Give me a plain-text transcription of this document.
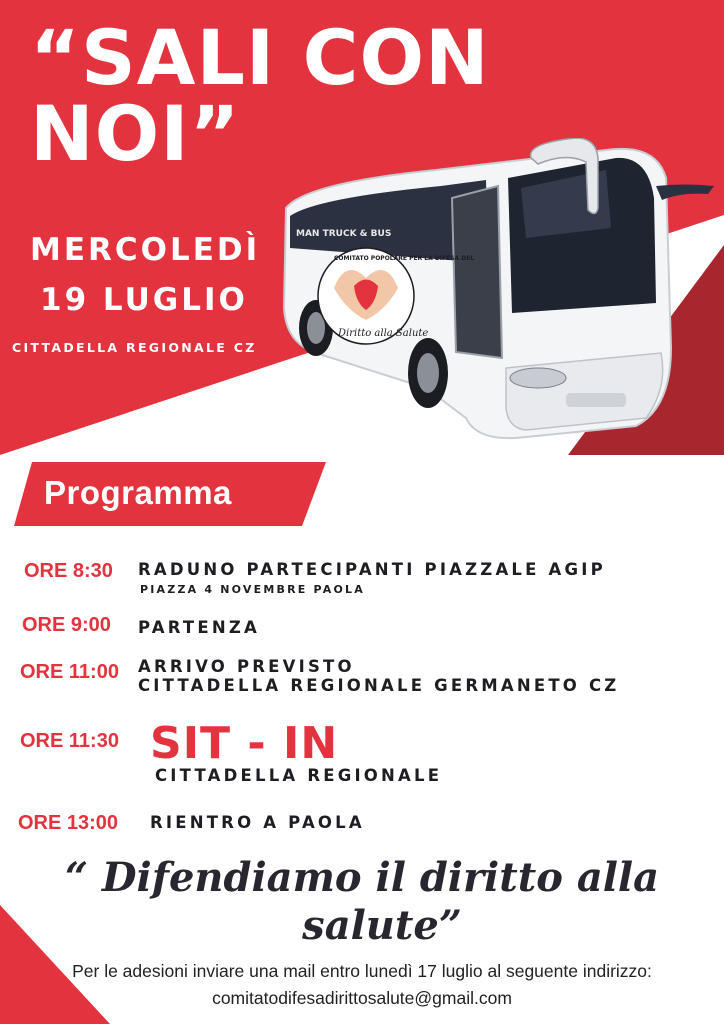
“SALI CON
NOI”
MERCOLEDÌ
19 LUGLIO
CITTADELLA REGIONALE CZ
MAN TRUCK & BUS
COMITATO POPOLARE PER LA DIFESA DEL
Diritto alla Salute
Programma
ORE 8:30 RADUNO PARTECIPANTI PIAZZALE AGIP
PIAZZA 4 NOVEMBRE PAOLA
ORE 9:00 PARTENZA
ORE 11:00 ARRIVO PREVISTO
CITTADELLA REGIONALE GERMANETO CZ
ORE 11:30 SIT - IN
CITTADELLA REGIONALE
ORE 13:00 RIENTRO A PAOLA
“ Difendiamo il diritto alla
salute”
Per le adesioni inviare una mail entro lunedì 17 luglio al seguente indirizzo:
comitatodifesadirittosalute@gmail.com
